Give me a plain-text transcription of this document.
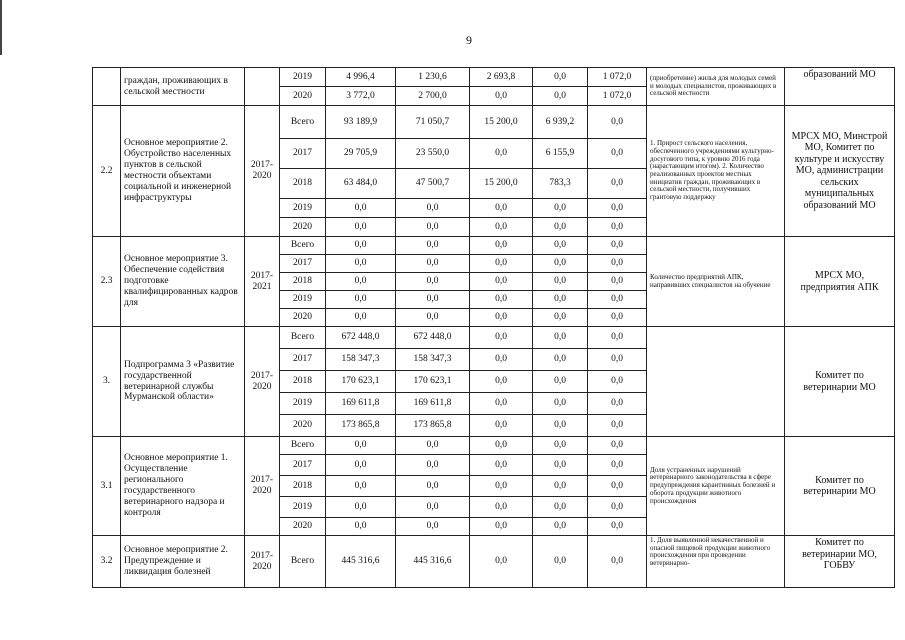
9
	граждан, проживающих в сельской местности		2019	4 996,4	1 230,6	2 693,8	0,0	1 072,0	(приобретение) жилья для молодых семей и молодых специалистов, проживающих в сельской местности	образований МО
			2020	3 772,0	2 700,0	0,0	0,0	1 072,0		
2.2	Основное мероприятие 2. Обустройство населенных пунктов в сельской местности объектами социальной и инженерной инфраструктуры	2017-2020	Всего	93 189,9	71 050,7	15 200,0	6 939,2	0,0	1. Прирост сельского населения, обеспеченного учреждениями культурно-досугового типа, к уровню 2016 года (нарастающим итогом). 2. Количество реализованных проектов местных инициатив граждан, проживающих в сельской местности, получивших грантовую поддержку	МРСХ МО, Минстрой МО, Комитет по культуре и искусству МО, администрации сельских муниципальных образований МО
			2017	29 705,9	23 550,0	0,0	6 155,9	0,0		
			2018	63 484,0	47 500,7	15 200,0	783,3	0,0		
			2019	0,0	0,0	0,0	0,0	0,0		
			2020	0,0	0,0	0,0	0,0	0,0		
2.3	Основное мероприятие 3. Обеспечение содействия подготовке квалифицированных кадров для	2017-2021	Всего	0,0	0,0	0,0	0,0	0,0	Количество предприятий АПК, направивших специалистов на обучение	МРСХ МО, предприятия АПК
			2017	0,0	0,0	0,0	0,0	0,0		
			2018	0,0	0,0	0,0	0,0	0,0		
			2019	0,0	0,0	0,0	0,0	0,0		
			2020	0,0	0,0	0,0	0,0	0,0		
3.	Подпрограмма 3 «Развитие государственной ветеринарной службы Мурманской области»	2017-2020	Всего	672 448,0	672 448,0	0,0	0,0	0,0		Комитет по ветеринарии МО
			2017	158 347,3	158 347,3	0,0	0,0	0,0		
			2018	170 623,1	170 623,1	0,0	0,0	0,0		
			2019	169 611,8	169 611,8	0,0	0,0	0,0		
			2020	173 865,8	173 865,8	0,0	0,0	0,0		
3.1	Основное мероприятие 1. Осуществление регионального государственного ветеринарного надзора и контроля	2017-2020	Всего	0,0	0,0	0,0	0,0	0,0	Доля устраненных нарушений ветеринарного законодательства в сфере предупреждения карантинных болезней и оборота продукции животного происхождения	Комитет по ветеринарии МО
			2017	0,0	0,0	0,0	0,0	0,0		
			2018	0,0	0,0	0,0	0,0	0,0		
			2019	0,0	0,0	0,0	0,0	0,0		
			2020	0,0	0,0	0,0	0,0	0,0		
3.2	Основное мероприятие 2. Предупреждение и ликвидация болезней	2017-2020	Всего	445 316,6	445 316,6	0,0	0,0	0,0	1. Доля выявленной некачественной и опасной пищевой продукции животного происхождения при проведении ветеринарно-	Комитет по ветеринарии МО, ГОБВУ
